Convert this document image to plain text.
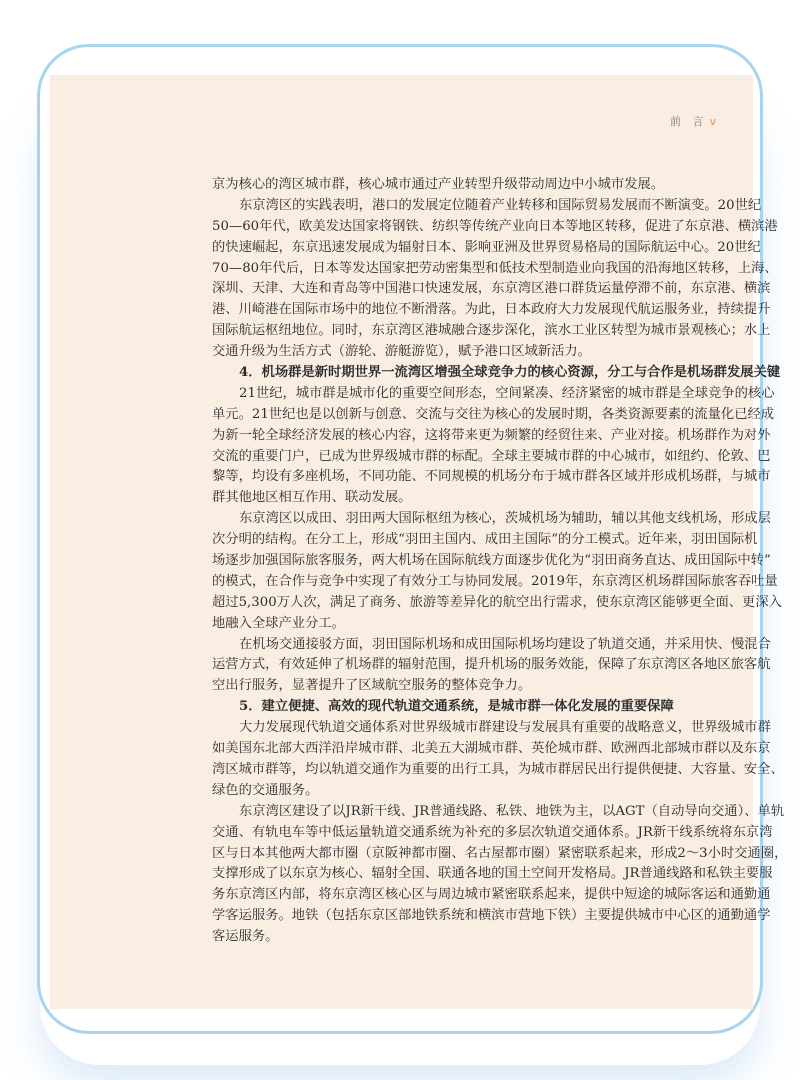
前 言 v
京为核心的湾区城市群，核心城市通过产业转型升级带动周边中小城市发展。
东京湾区的实践表明，港口的发展定位随着产业转移和国际贸易发展而不断演变。20世纪
50—60年代，欧美发达国家将钢铁、纺织等传统产业向日本等地区转移，促进了东京港、横滨港
的快速崛起，东京迅速发展成为辐射日本、影响亚洲及世界贸易格局的国际航运中心。20世纪
70—80年代后，日本等发达国家把劳动密集型和低技术型制造业向我国的沿海地区转移，上海、
深圳、天津、大连和青岛等中国港口快速发展，东京湾区港口群货运量停滞不前，东京港、横滨
港、川崎港在国际市场中的地位不断滑落。为此，日本政府大力发展现代航运服务业，持续提升
国际航运枢纽地位。同时，东京湾区港城融合逐步深化，滨水工业区转型为城市景观核心；水上
交通升级为生活方式（游轮、游艇游览），赋予港口区域新活力。
4．机场群是新时期世界一流湾区增强全球竞争力的核心资源，分工与合作是机场群发展关键
21世纪，城市群是城市化的重要空间形态，空间紧凑、经济紧密的城市群是全球竞争的核心
单元。21世纪也是以创新与创意、交流与交往为核心的发展时期，各类资源要素的流量化已经成
为新一轮全球经济发展的核心内容，这将带来更为频繁的经贸往来、产业对接。机场群作为对外
交流的重要门户，已成为世界级城市群的标配。全球主要城市群的中心城市，如纽约、伦敦、巴
黎等，均设有多座机场，不同功能、不同规模的机场分布于城市群各区域并形成机场群，与城市
群其他地区相互作用、联动发展。
东京湾区以成田、羽田两大国际枢纽为核心，茨城机场为辅助，辅以其他支线机场，形成层
次分明的结构。在分工上，形成“羽田主国内、成田主国际”的分工模式。近年来，羽田国际机
场逐步加强国际旅客服务，两大机场在国际航线方面逐步优化为“羽田商务直达、成田国际中转”
的模式，在合作与竞争中实现了有效分工与协同发展。2019年，东京湾区机场群国际旅客吞吐量
超过5,300万人次，满足了商务、旅游等差异化的航空出行需求，使东京湾区能够更全面、更深入
地融入全球产业分工。
在机场交通接驳方面，羽田国际机场和成田国际机场均建设了轨道交通，并采用快、慢混合
运营方式，有效延伸了机场群的辐射范围，提升机场的服务效能，保障了东京湾区各地区旅客航
空出行服务，显著提升了区域航空服务的整体竞争力。
5．建立便捷、高效的现代轨道交通系统，是城市群一体化发展的重要保障
大力发展现代轨道交通体系对世界级城市群建设与发展具有重要的战略意义，世界级城市群
如美国东北部大西洋沿岸城市群、北美五大湖城市群、英伦城市群、欧洲西北部城市群以及东京
湾区城市群等，均以轨道交通作为重要的出行工具，为城市群居民出行提供便捷、大容量、安全、
绿色的交通服务。
东京湾区建设了以JR新干线、JR普通线路、私铁、地铁为主，以AGT（自动导向交通）、单轨
交通、有轨电车等中低运量轨道交通系统为补充的多层次轨道交通体系。JR新干线系统将东京湾
区与日本其他两大都市圈（京阪神都市圈、名古屋都市圈）紧密联系起来，形成2～3小时交通圈，
支撑形成了以东京为核心、辐射全国、联通各地的国土空间开发格局。JR普通线路和私铁主要服
务东京湾区内部，将东京湾区核心区与周边城市紧密联系起来，提供中短途的城际客运和通勤通
学客运服务。地铁（包括东京区部地铁系统和横滨市营地下铁）主要提供城市中心区的通勤通学
客运服务。
